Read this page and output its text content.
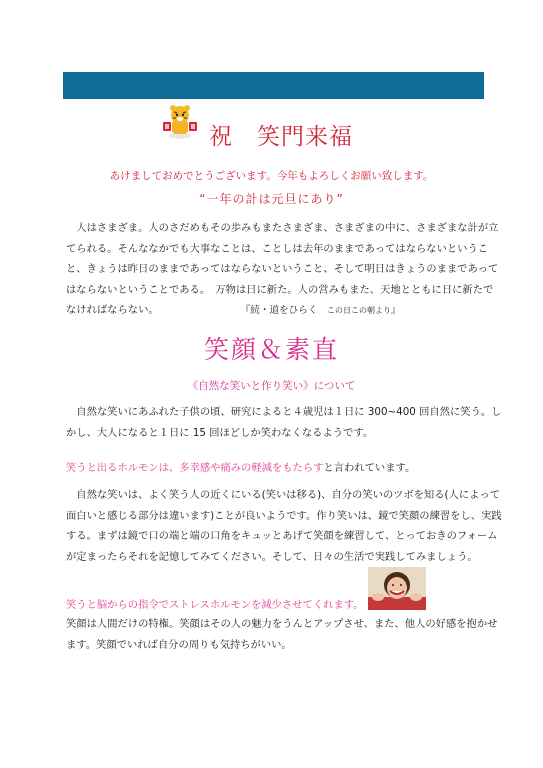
祝　笑門来福
あけましておめでとうございます。今年もよろしくお願い致します。
“一年の計は元旦にあり”
　人はさまざま。人のさだめもその歩みもまたさまざま、さまざまの中に、さまざまな計が立
てられる。そんななかでも大事なことは、ことしは去年のままであってはならないというこ
と、きょうは昨日のままであってはならないということ、そして明日はきょうのままであって
はならないということである。　万物は日に新た。人の営みもまた、天地とともに日に新たで
なければならない。	『続・道をひらく　この日この朝より』
笑顔＆素直
《自然な笑いと作り笑い》について
　自然な笑いにあふれた子供の頃、研究によると４歳児は１日に 300~400 回自然に笑う。し
かし、大人になると１日に 15 回ほどしか笑わなくなるようです。
笑うと出るホルモンは、多幸感や痛みの軽減をもたらすと言われています。
　自然な笑いは、よく笑う人の近くにいる(笑いは移る)、自分の笑いのツボを知る(人によって
面白いと感じる部分は違います)ことが良いようです。作り笑いは、鏡で笑顔の練習をし、実践
する。まずは鏡で口の端と端の口角をキュッとあげて笑顔を練習して、とっておきのフォーム
が定まったらそれを記憶してみてください。そして、日々の生活で実践してみましょう。
笑うと脳からの指令でストレスホルモンを減少させてくれます。
笑顔は人間だけの特権。笑顔はその人の魅力をうんとアップさせ、また、他人の好感を抱かせ
ます。笑顔でいれば自分の周りも気持ちがいい。
